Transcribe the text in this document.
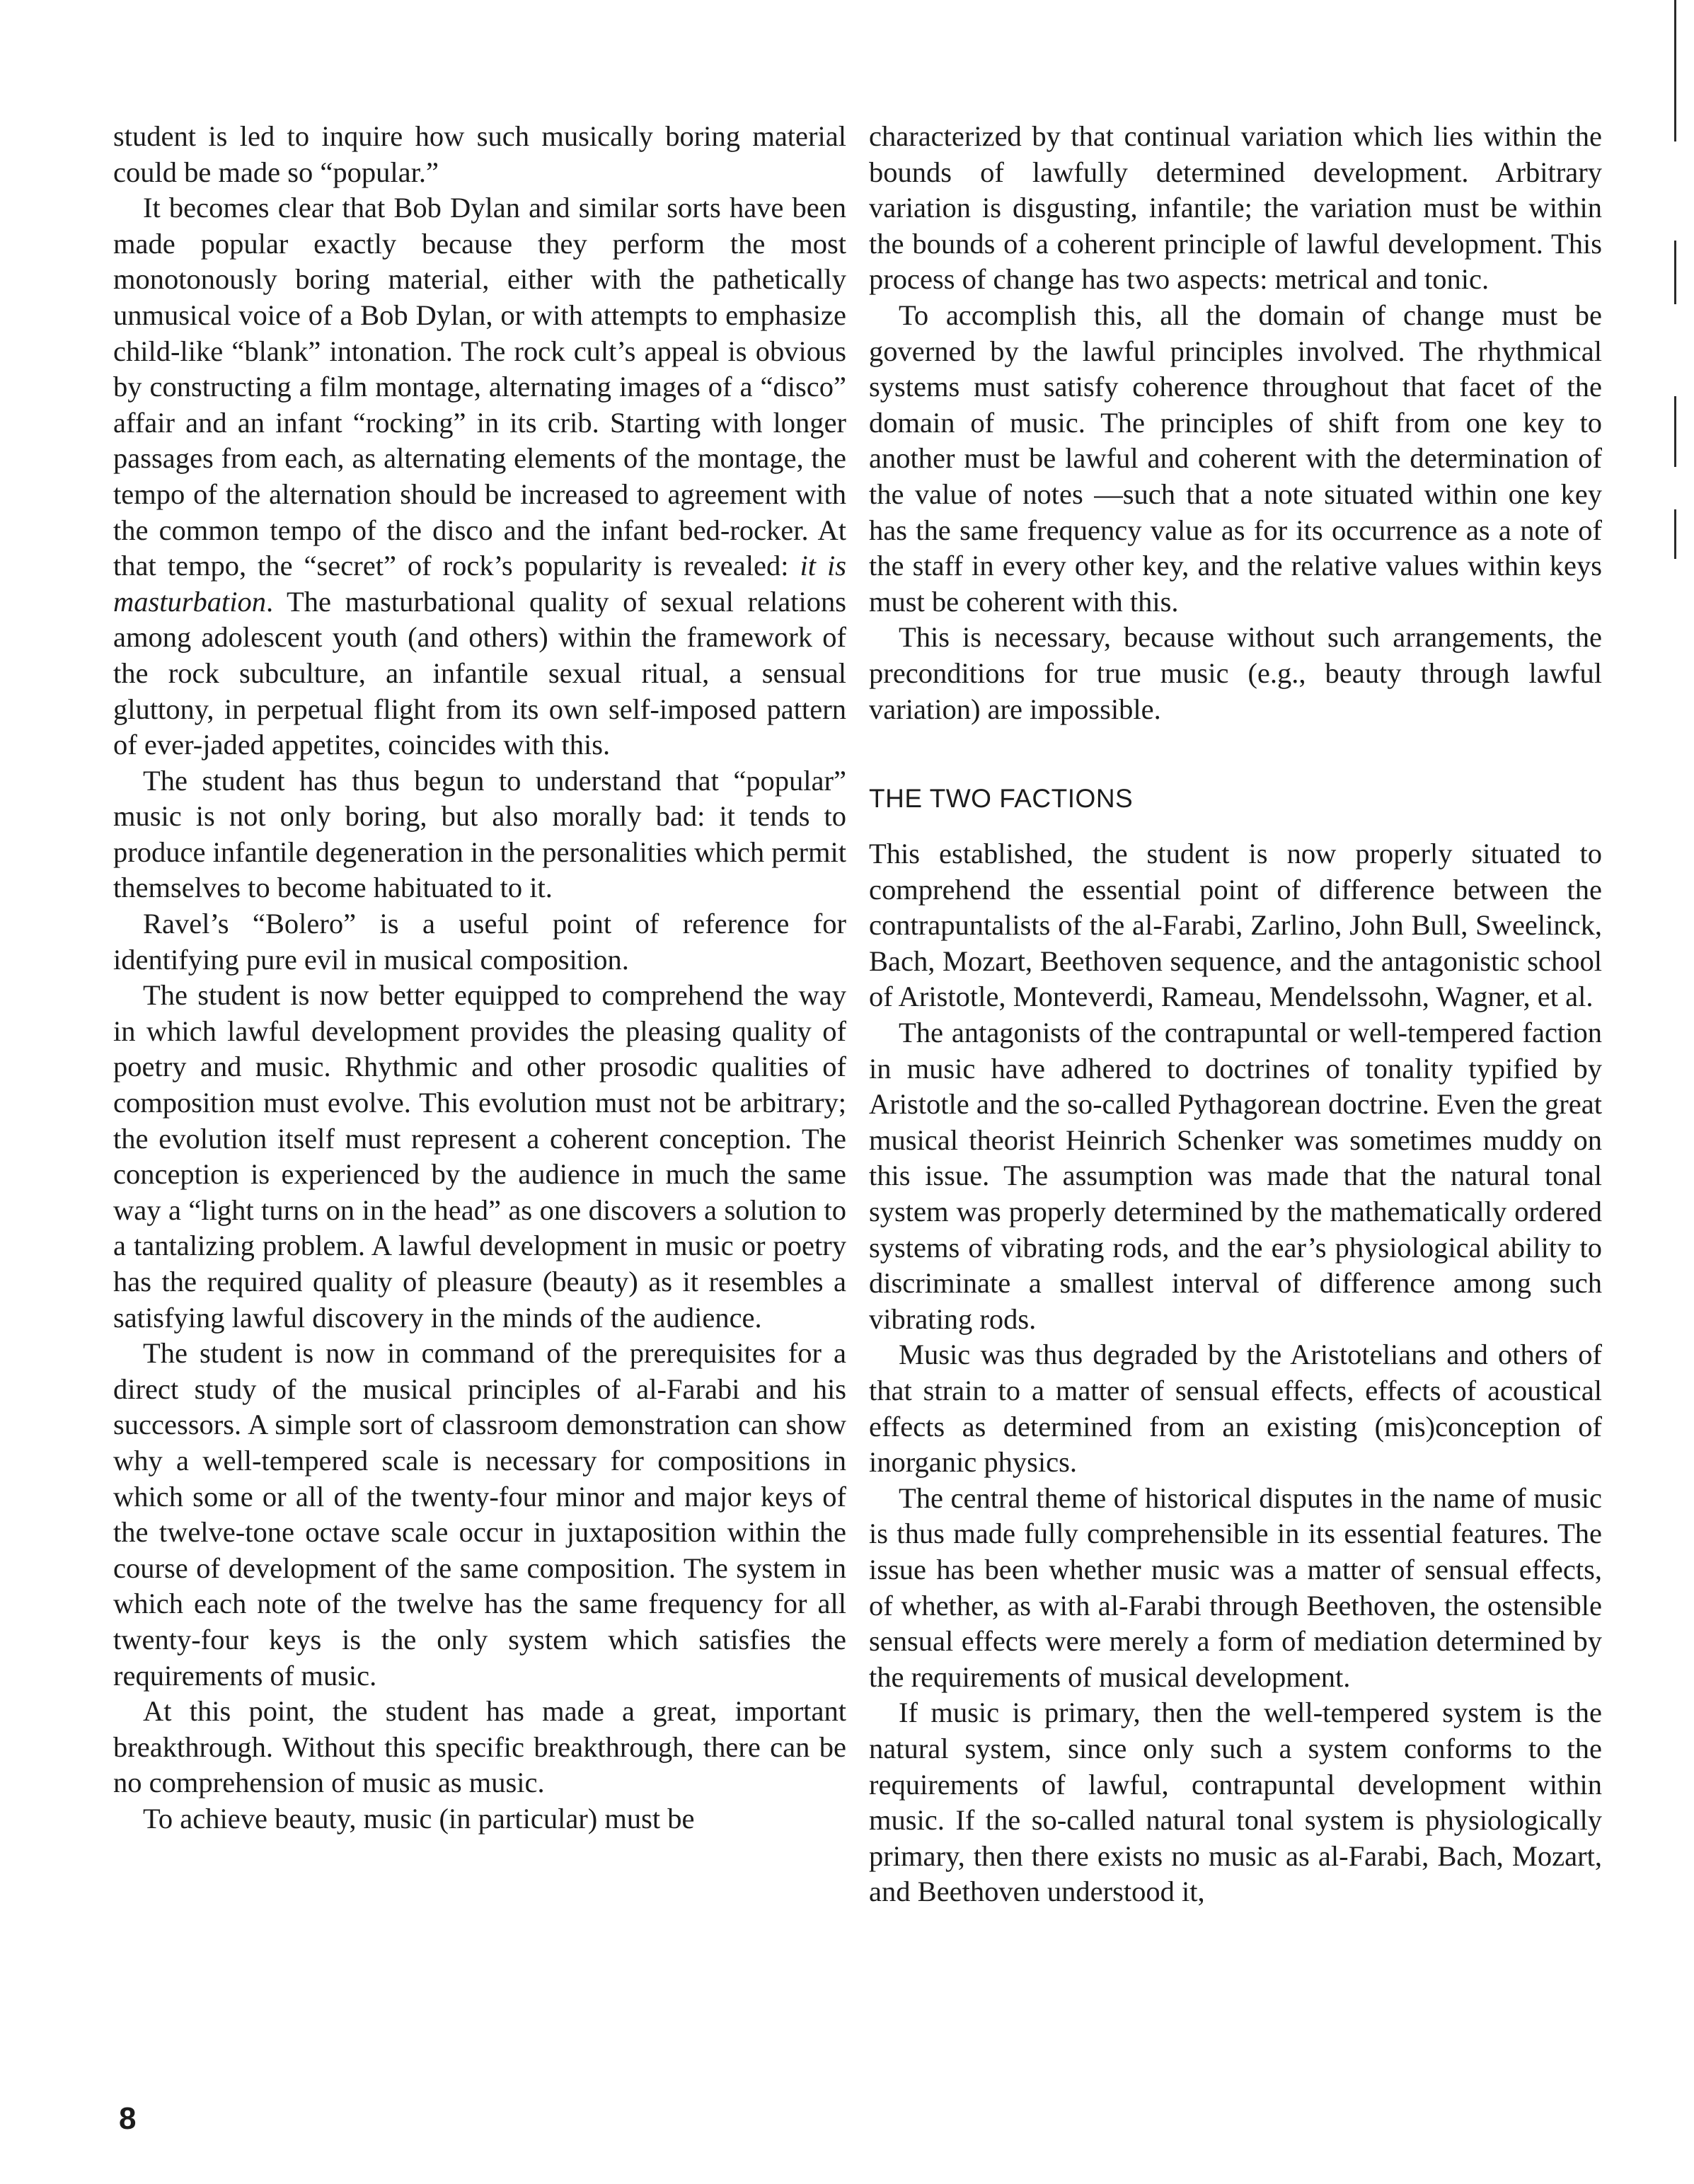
student is led to inquire how such musically boring material could be made so “popular.”

It becomes clear that Bob Dylan and similar sorts have been made popular exactly because they perform the most monotonously boring material, either with the pathetically unmusical voice of a Bob Dylan, or with attempts to emphasize child-like “blank” intonation. The rock cult’s appeal is obvious by constructing a film montage, alternating images of a “disco” affair and an infant “rocking” in its crib. Starting with longer passages from each, as alternating elements of the montage, the tempo of the alternation should be increased to agreement with the common tempo of the disco and the infant bed-rocker. At that tempo, the “secret” of rock’s popularity is revealed: it is masturbation. The masturbational quality of sexual relations among adolescent youth (and others) within the framework of the rock subculture, an infantile sexual ritual, a sensual gluttony, in perpetual flight from its own self-imposed pattern of ever-jaded appetites, coincides with this.

The student has thus begun to understand that “popular” music is not only boring, but also morally bad: it tends to produce infantile degeneration in the personalities which permit themselves to become habituated to it.

Ravel’s “Bolero” is a useful point of reference for identifying pure evil in musical composition.

The student is now better equipped to comprehend the way in which lawful development provides the pleasing quality of poetry and music. Rhythmic and other prosodic qualities of composition must evolve. This evolution must not be arbitrary; the evolution itself must represent a coherent conception. The conception is experienced by the audience in much the same way a “light turns on in the head” as one discovers a solution to a tantalizing problem. A lawful development in music or poetry has the required quality of pleasure (beauty) as it resembles a satisfying lawful discovery in the minds of the audience.

The student is now in command of the prerequisites for a direct study of the musical principles of al-Farabi and his successors. A simple sort of classroom demonstration can show why a well-tempered scale is necessary for compositions in which some or all of the twenty-four minor and major keys of the twelve-tone octave scale occur in juxtaposition within the course of development of the same composition. The system in which each note of the twelve has the same frequency for all twenty-four keys is the only system which satisfies the requirements of music.

At this point, the student has made a great, important breakthrough. Without this specific breakthrough, there can be no comprehension of music as music.

To achieve beauty, music (in particular) must be

characterized by that continual variation which lies within the bounds of lawfully determined development. Arbitrary variation is disgusting, infantile; the variation must be within the bounds of a coherent principle of lawful development. This process of change has two aspects: metrical and tonic.

To accomplish this, all the domain of change must be governed by the lawful principles involved. The rhythmical systems must satisfy coherence throughout that facet of the domain of music. The principles of shift from one key to another must be lawful and coherent with the determination of the value of notes —such that a note situated within one key has the same frequency value as for its occurrence as a note of the staff in every other key, and the relative values within keys must be coherent with this.

This is necessary, because without such arrangements, the preconditions for true music (e.g., beauty through lawful variation) are impossible.

THE TWO FACTIONS

This established, the student is now properly situated to comprehend the essential point of difference between the contrapuntalists of the al-Farabi, Zarlino, John Bull, Sweelinck, Bach, Mozart, Beethoven sequence, and the antagonistic school of Aristotle, Monteverdi, Rameau, Mendelssohn, Wagner, et al.

The antagonists of the contrapuntal or well-tempered faction in music have adhered to doctrines of tonality typified by Aristotle and the so-called Pythagorean doctrine. Even the great musical theorist Heinrich Schenker was sometimes muddy on this issue. The assumption was made that the natural tonal system was properly determined by the mathematically ordered systems of vibrating rods, and the ear’s physiological ability to discriminate a smallest interval of difference among such vibrating rods.

Music was thus degraded by the Aristotelians and others of that strain to a matter of sensual effects, effects of acoustical effects as determined from an existing (mis)conception of inorganic physics.

The central theme of historical disputes in the name of music is thus made fully comprehensible in its essential features. The issue has been whether music was a matter of sensual effects, of whether, as with al-Farabi through Beethoven, the ostensible sensual effects were merely a form of mediation determined by the requirements of musical development.

If music is primary, then the well-tempered system is the natural system, since only such a system conforms to the requirements of lawful, contrapuntal development within music. If the so-called natural tonal system is physiologically primary, then there exists no music as al-Farabi, Bach, Mozart, and Beethoven understood it,

8
